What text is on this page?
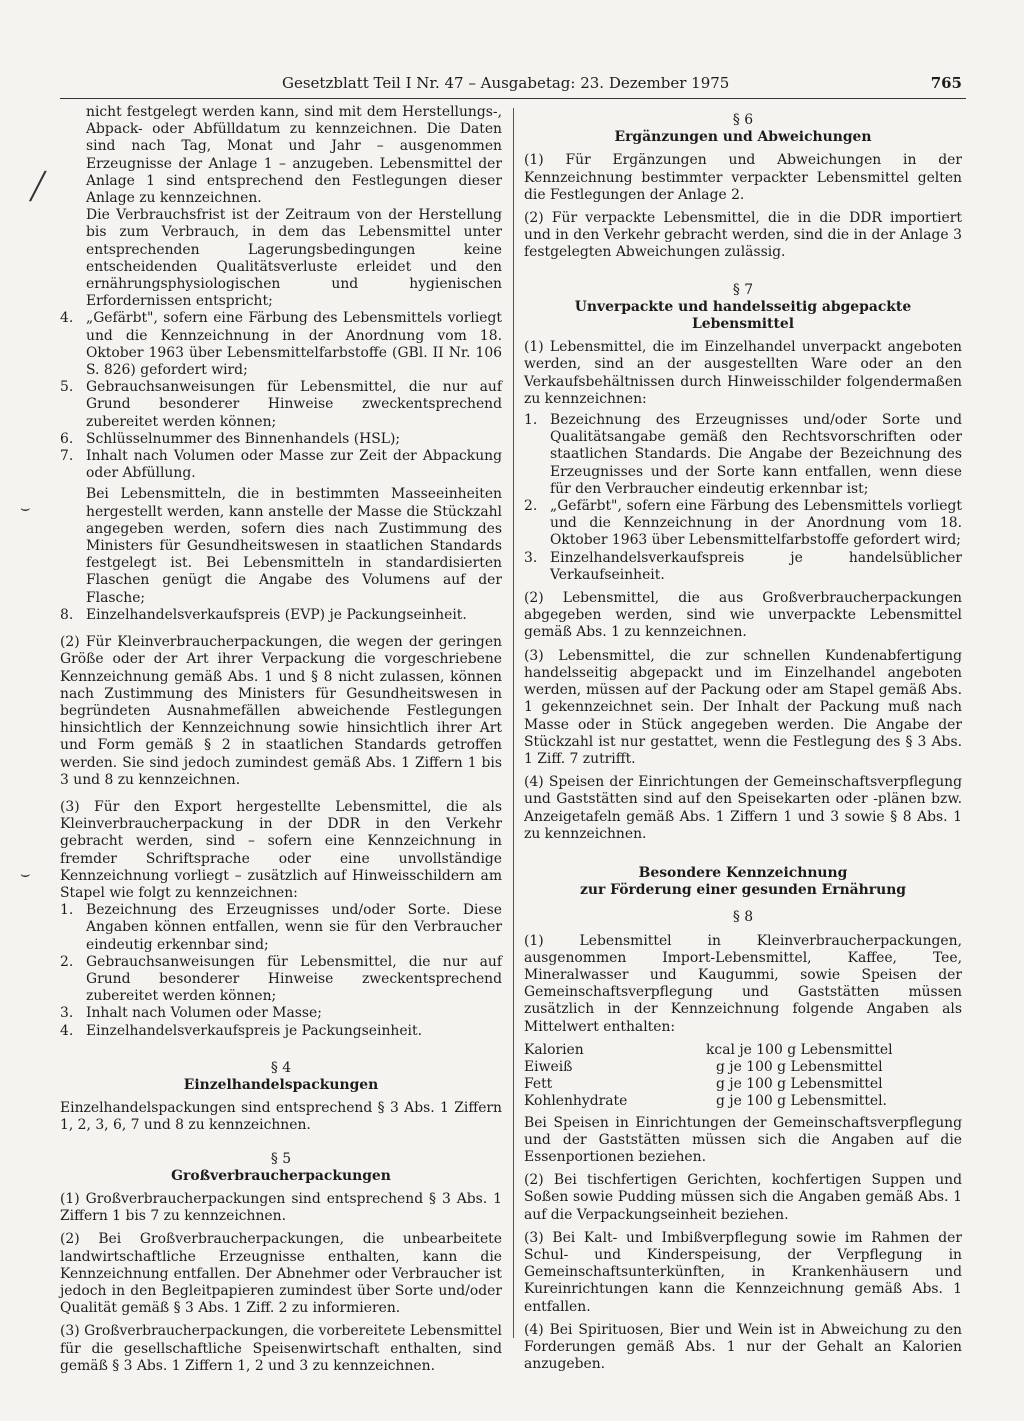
Gesetzblatt Teil I Nr. 47 – Ausgabetag: 23. Dezember 1975	765
╱
⌣
⌣

nicht festgelegt werden kann, sind mit dem Herstellungs-, Abpack- oder Abfülldatum zu kennzeichnen. Die Daten sind nach Tag, Monat und Jahr – ausgenommen Erzeugnisse der Anlage 1 – anzugeben. Lebensmittel der Anlage 1 sind entsprechend den Festlegungen dieser Anlage zu kennzeichnen.

Die Verbrauchsfrist ist der Zeitraum von der Herstellung bis zum Verbrauch, in dem das Lebensmittel unter entsprechenden Lagerungsbedingungen keine entscheidenden Qualitätsverluste erleidet und den ernährungsphysiologischen und hygienischen Erfordernissen entspricht;

4. „Gefärbt", sofern eine Färbung des Lebensmittels vorliegt und die Kennzeichnung in der Anordnung vom 18. Oktober 1963 über Lebensmittelfarbstoffe (GBl. II Nr. 106 S. 826) gefordert wird;
5. Gebrauchsanweisungen für Lebensmittel, die nur auf Grund besonderer Hinweise zweckentsprechend zubereitet werden können;
6. Schlüsselnummer des Binnenhandels (HSL);
7. Inhalt nach Volumen oder Masse zur Zeit der Abpackung oder Abfüllung.

Bei Lebensmitteln, die in bestimmten Masseeinheiten hergestellt werden, kann anstelle der Masse die Stückzahl angegeben werden, sofern dies nach Zustimmung des Ministers für Gesundheitswesen in staatlichen Standards festgelegt ist. Bei Lebensmitteln in standardisierten Flaschen genügt die Angabe des Volumens auf der Flasche;

8. Einzelhandelsverkaufspreis (EVP) je Packungseinheit.

(2) Für Kleinverbraucherpackungen, die wegen der geringen Größe oder der Art ihrer Verpackung die vorgeschriebene Kennzeichnung gemäß Abs. 1 und § 8 nicht zulassen, können nach Zustimmung des Ministers für Gesundheitswesen in begründeten Ausnahmefällen abweichende Festlegungen hinsichtlich der Kennzeichnung sowie hinsichtlich ihrer Art und Form gemäß § 2 in staatlichen Standards getroffen werden. Sie sind jedoch zumindest gemäß Abs. 1 Ziffern 1 bis 3 und 8 zu kennzeichnen.

(3) Für den Export hergestellte Lebensmittel, die als Kleinverbraucherpackung in der DDR in den Verkehr gebracht werden, sind – sofern eine Kennzeichnung in fremder Schriftsprache oder eine unvollständige Kennzeichnung vorliegt – zusätzlich auf Hinweisschildern am Stapel wie folgt zu kennzeichnen:

1. Bezeichnung des Erzeugnisses und/oder Sorte. Diese Angaben können entfallen, wenn sie für den Verbraucher eindeutig erkennbar sind;
2. Gebrauchsanweisungen für Lebensmittel, die nur auf Grund besonderer Hinweise zweckentsprechend zubereitet werden können;
3. Inhalt nach Volumen oder Masse;
4. Einzelhandelsverkaufspreis je Packungseinheit.

§ 4

Einzelhandelspackungen

Einzelhandelspackungen sind entsprechend § 3 Abs. 1 Ziffern 1, 2, 3, 6, 7 und 8 zu kennzeichnen.

§ 5

Großverbraucherpackungen

(1) Großverbraucherpackungen sind entsprechend § 3 Abs. 1 Ziffern 1 bis 7 zu kennzeichnen.

(2) Bei Großverbraucherpackungen, die unbearbeitete landwirtschaftliche Erzeugnisse enthalten, kann die Kennzeichnung entfallen. Der Abnehmer oder Verbraucher ist jedoch in den Begleitpapieren zumindest über Sorte und/oder Qualität gemäß § 3 Abs. 1 Ziff. 2 zu informieren.

(3) Großverbraucherpackungen, die vorbereitete Lebensmittel für die gesellschaftliche Speisenwirtschaft enthalten, sind gemäß § 3 Abs. 1 Ziffern 1, 2 und 3 zu kennzeichnen.

§ 6

Ergänzungen und Abweichungen

(1) Für Ergänzungen und Abweichungen in der Kennzeichnung bestimmter verpackter Lebensmittel gelten die Festlegungen der Anlage 2.

(2) Für verpackte Lebensmittel, die in die DDR importiert und in den Verkehr gebracht werden, sind die in der Anlage 3 festgelegten Abweichungen zulässig.

§ 7

Unverpackte und handelsseitig abgepackte Lebensmittel

(1) Lebensmittel, die im Einzelhandel unverpackt angeboten werden, sind an der ausgestellten Ware oder an den Verkaufsbehältnissen durch Hinweisschilder folgendermaßen zu kennzeichnen:

1. Bezeichnung des Erzeugnisses und/oder Sorte und Qualitätsangabe gemäß den Rechtsvorschriften oder staatlichen Standards. Die Angabe der Bezeichnung des Erzeugnisses und der Sorte kann entfallen, wenn diese für den Verbraucher eindeutig erkennbar ist;
2. „Gefärbt", sofern eine Färbung des Lebensmittels vorliegt und die Kennzeichnung in der Anordnung vom 18. Oktober 1963 über Lebensmittelfarbstoffe gefordert wird;
3. Einzelhandelsverkaufspreis je handelsüblicher Verkaufseinheit.

(2) Lebensmittel, die aus Großverbraucherpackungen abgegeben werden, sind wie unverpackte Lebensmittel gemäß Abs. 1 zu kennzeichnen.

(3) Lebensmittel, die zur schnellen Kundenabfertigung handelsseitig abgepackt und im Einzelhandel angeboten werden, müssen auf der Packung oder am Stapel gemäß Abs. 1 gekennzeichnet sein. Der Inhalt der Packung muß nach Masse oder in Stück angegeben werden. Die Angabe der Stückzahl ist nur gestattet, wenn die Festlegung des § 3 Abs. 1 Ziff. 7 zutrifft.

(4) Speisen der Einrichtungen der Gemeinschaftsverpflegung und Gaststätten sind auf den Speisekarten oder -plänen bzw. Anzeigetafeln gemäß Abs. 1 Ziffern 1 und 3 sowie § 8 Abs. 1 zu kennzeichnen.

Besondere Kennzeichnung

zur Förderung einer gesunden Ernährung

§ 8

(1) Lebensmittel in Kleinverbraucherpackungen, ausgenommen Import-Lebensmittel, Kaffee, Tee, Mineralwasser und Kaugummi, sowie Speisen der Gemeinschaftsverpflegung und Gaststätten müssen zusätzlich in der Kennzeichnung folgende Angaben als Mittelwert enthalten:

Kalorien	kcal je 100 g Lebensmittel
Eiweiß	g je 100 g Lebensmittel
Fett	g je 100 g Lebensmittel
Kohlenhydrate	g je 100 g Lebensmittel.

Bei Speisen in Einrichtungen der Gemeinschaftsverpflegung und der Gaststätten müssen sich die Angaben auf die Essenportionen beziehen.

(2) Bei tischfertigen Gerichten, kochfertigen Suppen und Soßen sowie Pudding müssen sich die Angaben gemäß Abs. 1 auf die Verpackungseinheit beziehen.

(3) Bei Kalt- und Imbißverpflegung sowie im Rahmen der Schul- und Kinderspeisung, der Verpflegung in Gemeinschaftsunterkünften, in Krankenhäusern und Kureinrichtungen kann die Kennzeichnung gemäß Abs. 1 entfallen.

(4) Bei Spirituosen, Bier und Wein ist in Abweichung zu den Forderungen gemäß Abs. 1 nur der Gehalt an Kalorien anzugeben.
